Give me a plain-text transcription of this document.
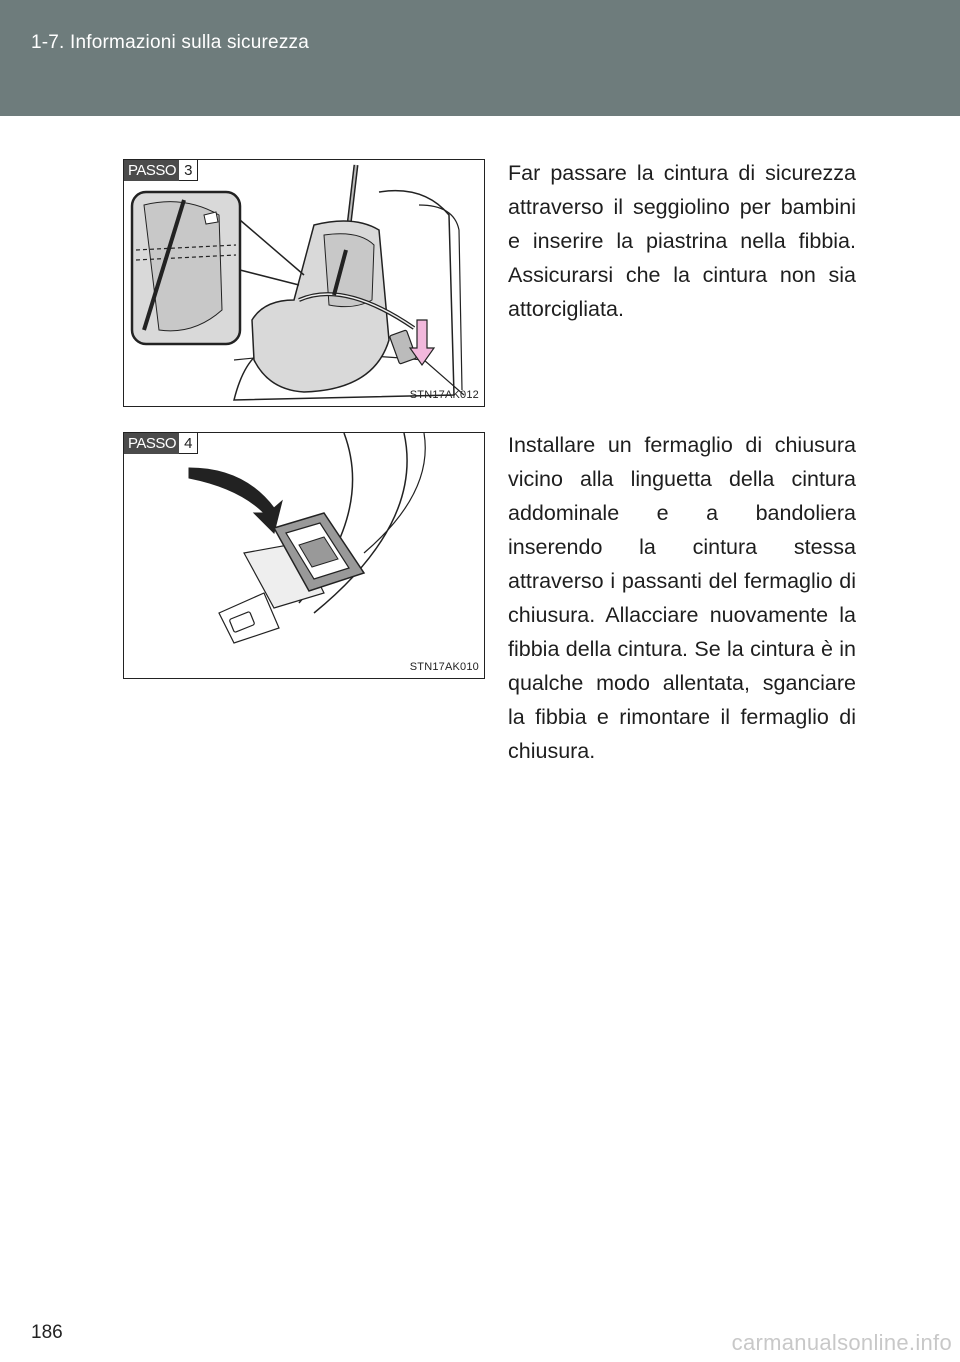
1-7. Informazioni sulla sicurezza
PASSO 3
STN17AK012
Far passare la cintura di sicurezza attraverso il seggiolino per bambini e inserire la piastrina nella fibbia. Assicurarsi che la cintura non sia attorcigliata.
PASSO 4
STN17AK010
Installare un fermaglio di chiusura vicino alla linguetta della cintura addominale e a bandoliera inserendo la cintura stessa attraverso i passanti del fermaglio di chiusura. Allacciare nuovamente la fibbia della cintura. Se la cintura è in qualche modo allentata, sganciare la fibbia e rimontare il fermaglio di chiusura.
186	carmanualsonline.info
